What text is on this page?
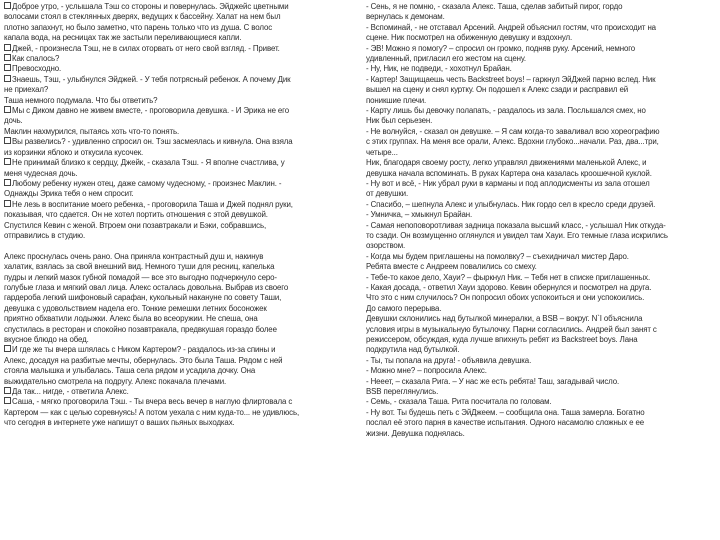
Доброе утро, - услышала Тэш со стороны и повернулась. Эйджейс цветными
волосами стоял в стеклянных дверях, ведущих к бассейну. Халат на нем был
плотно запахнут, но было заметно, что парень только что из душа. С волос
капала вода, на ресницах так же застыли переливающиеся капли.
Джей, - произнесла Тэш, не в силах оторвать от него свой взгляд. - Привет.
Как спалось?
Превосходно.
Знаешь, Тэш, - улыбнулся Эйджей. - У тебя потрясный ребенок. А почему Дик
не приехал?
Таша немного подумала. Что бы ответить?
Мы с Диком давно не живем вместе, - проговорила девушка. - И Эрика не его
дочь.
Маклин нахмурился, пытаясь хоть что-то понять.
Вы развелись? - удивленно спросил он. Тэш засмеялась и кивнула. Она взяла
из корзинки яблоко и откусила кусочек.
Не принимай близко к сердцу, Джейк, - сказала Тэш. - Я вполне счастлива, у
меня чудесная дочь.
Любому ребенку нужен отец, даже самому чудесному, - произнес Маклин. -
Однажды Эрика тебя о нем спросит.
Не лезь в воспитание моего ребенка, - проговорила Таша и Джей поднял руки,
показывая, что сдается. Он не хотел портить отношения с этой девушкой.
Спустился Кевин с женой. Втроем они позавтракали и Бэки, собравшись,
отправились в студию.
Алекс проснулась очень рано. Она приняла контрастный душ и, накинув
халатик, взялась за свой внешний вид. Немного туши для ресниц, капелька
пудры и легкий мазок губной помадой — все это выгодно подчеркнуло серо-
голубые глаза и мягкий овал лица. Алекс осталась довольна. Выбрав из своего
гардероба легкий шифоновый сарафан, кукольный наканунe по совету Таши,
девушка с удовольствием надела его. Тонкие ремешки летних босоножек
приятно обхватили лодыжки. Алекс была во всеоружии. Не спеша, она
спустилась в ресторан и спокойно позавтракала, предвкушая гораздо более
вкусное блюдо на обед.
И где же ты вчера шлялась с Ником Картером? - раздалось из-за спины и
Алекс, досадуя на разбитые мечты, обернулась. Это была Таша. Рядом с ней
стояла малышка и улыбалась. Таша села рядом и усадила дочку. Она
выжидательно смотрела на подругу. Алекс покачала плечами.
Да так... нигде, - ответила Алекс.
Саша, - мягко проговорила Тэш. - Ты вчера весь вечер в наглую флиртовала с
Картером — как с целью соревнуясь! А потом уехала с ним куда-то... не удивлюсь,
что сегодня в интернете уже напишут о ваших пьяных выходках.
- Сень, я не помню, - сказала Алекс. Таша, сделав забитый пирог, гордо
вернулась к демонам.
- Вспоминай, - не отставал Арсений. Андрей объяснил гостям, что происходит на
сцене. Ник посмотрел на обиженную девушку и вздохнул.
- ЭВ! Можно я помогу? – спросил он громко, подняв руку. Арсений, немного
удивленный, пригласил его жестом на сцену.
- Ну, Ник, не подведи, - хохотнул Брайан.
- Картер! Защищаешь честь Backstreet boys! – гаркнул ЭйДжей парню вслед. Ник
вышел на сцену и снял куртку. Он подошел к Алекс сзади и расправил ей
поникшие плечи.
- Карту лишь бы девочку полапать, - раздалось из зала. Послышался смех, но
Ник был серьезен.
- Не волнуйся, - сказал он девушке. – Я сам когда-то заваливал всю хореографию
с этих группах. На меня все орали, Алекс. Вдохни глубоко...начали. Раз, два...три,
четыре...
Ник, благодаря своему росту, легко управлял движениями маленькой Алекс, и
девушка начала вспоминать. В руках Картера она казалась кроошечной куклой.
- Ну вот и всё, - Ник убрал руки в карманы и под аплодисменты из зала отошел
от девушки.
- Спасибо, – шепнула Алекс и улыбнулась. Ник гордо сел в кресло среди друзей.
- Умничка, – хмыкнул Брайан.
- Самая непоповоротливая задница показала высший класс, - услышал Ник откуда-
то сзади. Он возмущенно оглянулся и увидел там Хауи. Его темные глаза искрились
озорством.
- Когда мы будем приглашены на помолвку? – съехидничал мистер Даро.
Ребята вместе с Андреем повалились со смеху.
- Тебе-то какое дело, Хауи? – фыркнул Ник. – Тебя нет в списке приглашенных.
- Какая досада, - ответил Хауи здорово. Кевин обернулся и посмотрел на друга.
Что это с ним случилось? Он попросил обоих успокоиться и они успокоились.
До самого перерыва.
Девушки склонились над бутылкой минералки, а BSB – вокруг. N`I объяснила
условия игры в музыкальную бутылочку. Парни согласились. Андрей был занят с
режиссером, обсуждая, куда лучше впихнуть ребят из Backstreet boys. Лана
подкрутила над бутылкой.
- Ты, ты попала на друга! - объявила девушка.
- Можно мне? – попросила Алекс.
- Нееет, – сказала Рига. – У нас же есть ребята! Таш, загадывай число.
BSB переглянулись.
- Семь, - сказала Таша. Рита посчитала по головам.
- Ну вот. Ты будешь петь с ЭйДжеем. – сообщила она. Таша замерла. Богатно
послал её этого парня в качестве испытания. Одного насамолю сложных е ее
жизни. Девушка поднялась.
